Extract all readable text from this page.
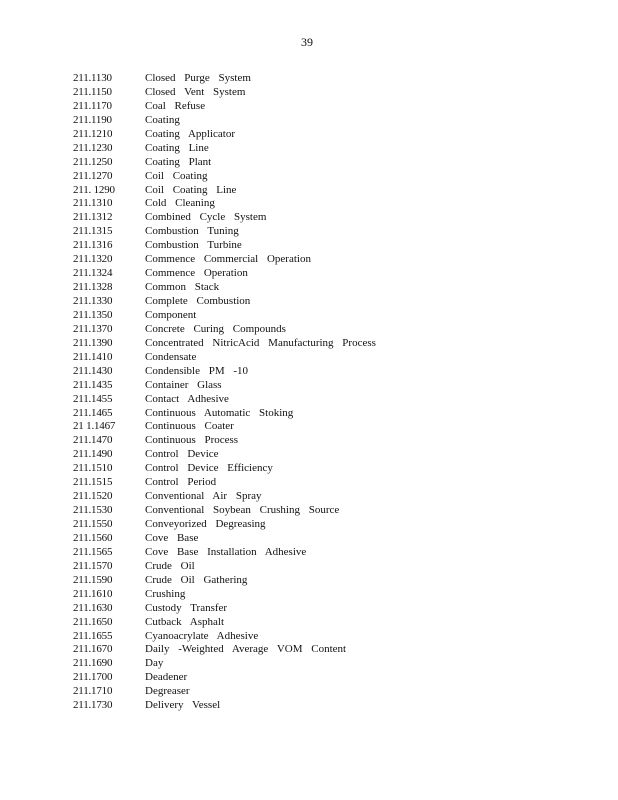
39
211.1130	Closed Purge System
211.1150	Closed Vent System
211.1170	Coal Refuse
211.1190	Coating
211.1210	Coating Applicator
211.1230	Coating Line
211.1250	Coating Plant
211.1270	Coil Coating
211. 1290	Coil Coating Line
211.1310	Cold Cleaning
211.1312	Combined Cycle System
211.1315	Combustion Tuning
211.1316	Combustion Turbine
211.1320	Commence Commercial Operation
211.1324	Commence Operation
211.1328	Common Stack
211.1330	Complete Combustion
211.1350	Component
211.1370	Concrete Curing Compounds
211.1390	Concentrated NitricAcid Manufacturing Process
211.1410	Condensate
211.1430	Condensible PM -10
211.1435	Container Glass
211.1455	Contact Adhesive
211.1465	Continuous Automatic Stoking
21 1.1467	Continuous Coater
211.1470	Continuous Process
211.1490	Control Device
211.1510	Control Device Efficiency
211.1515	Control Period
211.1520	Conventional Air Spray
211.1530	Conventional Soybean Crushing Source
211.1550	Conveyorized Degreasing
211.1560	Cove Base
211.1565	Cove Base Installation Adhesive
211.1570	Crude Oil
211.1590	Crude Oil Gathering
211.1610	Crushing
211.1630	Custody Transfer
211.1650	Cutback Asphalt
211.1655	Cyanoacrylate Adhesive
211.1670	Daily -Weighted Average VOM Content
211.1690	Day
211.1700	Deadener
211.1710	Degreaser
211.1730	Delivery Vessel
